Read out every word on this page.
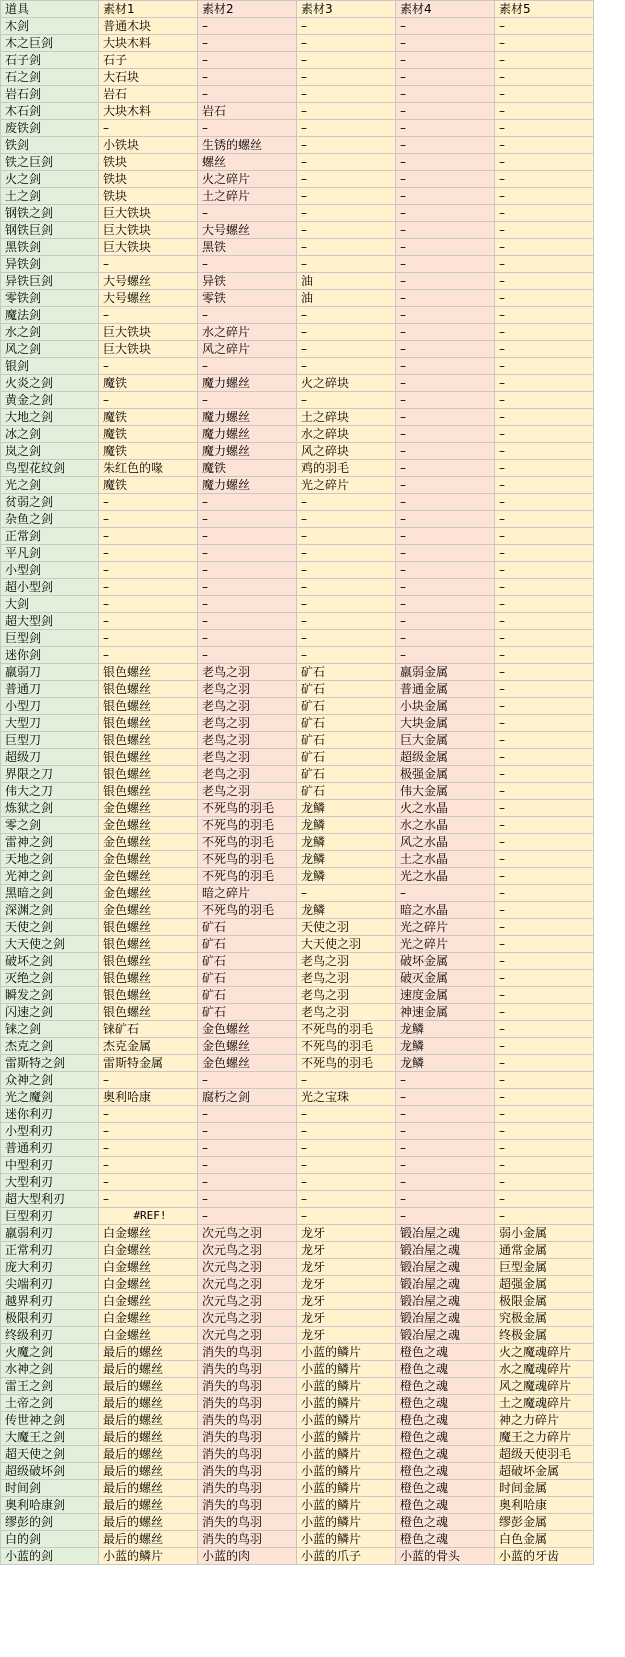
道具	素材1	素材2	素材3	素材4	素材5
木剑	普通木块	–	–	–	–
木之巨剑	大块木料	–	–	–	–
石子剑	石子	–	–	–	–
石之剑	大石块	–	–	–	–
岩石剑	岩石	–	–	–	–
木石剑	大块木料	岩石	–	–	–
废铁剑	–	–	–	–	–
铁剑	小铁块	生锈的螺丝	–	–	–
铁之巨剑	铁块	螺丝	–	–	–
火之剑	铁块	火之碎片	–	–	–
土之剑	铁块	土之碎片	–	–	–
钢铁之剑	巨大铁块	–	–	–	–
钢铁巨剑	巨大铁块	大号螺丝	–	–	–
黑铁剑	巨大铁块	黑铁	–	–	–
异铁剑	–	–	–	–	–
异铁巨剑	大号螺丝	异铁	油	–	–
零铁剑	大号螺丝	零铁	油	–	–
魔法剑	–	–	–	–	–
水之剑	巨大铁块	水之碎片	–	–	–
风之剑	巨大铁块	风之碎片	–	–	–
银剑	–	–	–	–	–
火炎之剑	魔铁	魔力螺丝	火之碎块	–	–
黄金之剑	–	–	–	–	–
大地之剑	魔铁	魔力螺丝	土之碎块	–	–
冰之剑	魔铁	魔力螺丝	水之碎块	–	–
岚之剑	魔铁	魔力螺丝	风之碎块	–	–
鸟型花纹剑	朱红色的喙	魔铁	鸡的羽毛	–	–
光之剑	魔铁	魔力螺丝	光之碎片	–	–
贫弱之剑	–	–	–	–	–
杂鱼之剑	–	–	–	–	–
正常剑	–	–	–	–	–
平凡剑	–	–	–	–	–
小型剑	–	–	–	–	–
超小型剑	–	–	–	–	–
大剑	–	–	–	–	–
超大型剑	–	–	–	–	–
巨型剑	–	–	–	–	–
迷你剑	–	–	–	–	–
羸弱刀	银色螺丝	老鸟之羽	矿石	羸弱金属	–
普通刀	银色螺丝	老鸟之羽	矿石	普通金属	–
小型刀	银色螺丝	老鸟之羽	矿石	小块金属	–
大型刀	银色螺丝	老鸟之羽	矿石	大块金属	–
巨型刀	银色螺丝	老鸟之羽	矿石	巨大金属	–
超级刀	银色螺丝	老鸟之羽	矿石	超级金属	–
界限之刀	银色螺丝	老鸟之羽	矿石	极强金属	–
伟大之刀	银色螺丝	老鸟之羽	矿石	伟大金属	–
炼狱之剑	金色螺丝	不死鸟的羽毛	龙鳞	火之水晶	–
零之剑	金色螺丝	不死鸟的羽毛	龙鳞	水之水晶	–
雷神之剑	金色螺丝	不死鸟的羽毛	龙鳞	风之水晶	–
天地之剑	金色螺丝	不死鸟的羽毛	龙鳞	土之水晶	–
光神之剑	金色螺丝	不死鸟的羽毛	龙鳞	光之水晶	–
黑暗之剑	金色螺丝	暗之碎片	–	–	–
深渊之剑	金色螺丝	不死鸟的羽毛	龙鳞	暗之水晶	–
天使之剑	银色螺丝	矿石	天使之羽	光之碎片	–
大天使之剑	银色螺丝	矿石	大天使之羽	光之碎片	–
破坏之剑	银色螺丝	矿石	老鸟之羽	破坏金属	–
灭绝之剑	银色螺丝	矿石	老鸟之羽	破灭金属	–
瞬发之剑	银色螺丝	矿石	老鸟之羽	速度金属	–
闪速之剑	银色螺丝	矿石	老鸟之羽	神速金属	–
铼之剑	铼矿石	金色螺丝	不死鸟的羽毛	龙鳞	–
杰克之剑	杰克金属	金色螺丝	不死鸟的羽毛	龙鳞	–
雷斯特之剑	雷斯特金属	金色螺丝	不死鸟的羽毛	龙鳞	–
众神之剑	–	–	–	–	–
光之魔剑	奥利哈康	腐朽之剑	光之宝珠	–	–
迷你利刃	–	–	–	–	–
小型利刃	–	–	–	–	–
普通利刃	–	–	–	–	–
中型利刃	–	–	–	–	–
大型利刃	–	–	–	–	–
超大型利刃	–	–	–	–	–
巨型利刃	#REF!	–	–	–	–
羸弱利刃	白金螺丝	次元鸟之羽	龙牙	锻冶屋之魂	弱小金属
正常利刃	白金螺丝	次元鸟之羽	龙牙	锻冶屋之魂	通常金属
庞大利刃	白金螺丝	次元鸟之羽	龙牙	锻冶屋之魂	巨型金属
尖端利刃	白金螺丝	次元鸟之羽	龙牙	锻冶屋之魂	超强金属
越界利刃	白金螺丝	次元鸟之羽	龙牙	锻冶屋之魂	极限金属
极限利刃	白金螺丝	次元鸟之羽	龙牙	锻冶屋之魂	究极金属
终级利刃	白金螺丝	次元鸟之羽	龙牙	锻冶屋之魂	终极金属
火魔之剑	最后的螺丝	消失的鸟羽	小蓝的鳞片	橙色之魂	火之魔魂碎片
水神之剑	最后的螺丝	消失的鸟羽	小蓝的鳞片	橙色之魂	水之魔魂碎片
雷王之剑	最后的螺丝	消失的鸟羽	小蓝的鳞片	橙色之魂	风之魔魂碎片
土帝之剑	最后的螺丝	消失的鸟羽	小蓝的鳞片	橙色之魂	土之魔魂碎片
传世神之剑	最后的螺丝	消失的鸟羽	小蓝的鳞片	橙色之魂	神之力碎片
大魔王之剑	最后的螺丝	消失的鸟羽	小蓝的鳞片	橙色之魂	魔王之力碎片
超天使之剑	最后的螺丝	消失的鸟羽	小蓝的鳞片	橙色之魂	超级天使羽毛
超级破坏剑	最后的螺丝	消失的鸟羽	小蓝的鳞片	橙色之魂	超破坏金属
时间剑	最后的螺丝	消失的鸟羽	小蓝的鳞片	橙色之魂	时间金属
奥利哈康剑	最后的螺丝	消失的鸟羽	小蓝的鳞片	橙色之魂	奥利哈康
缪彭的剑	最后的螺丝	消失的鸟羽	小蓝的鳞片	橙色之魂	缪彭金属
白的剑	最后的螺丝	消失的鸟羽	小蓝的鳞片	橙色之魂	白色金属
小蓝的剑	小蓝的鳞片	小蓝的肉	小蓝的爪子	小蓝的骨头	小蓝的牙齿
